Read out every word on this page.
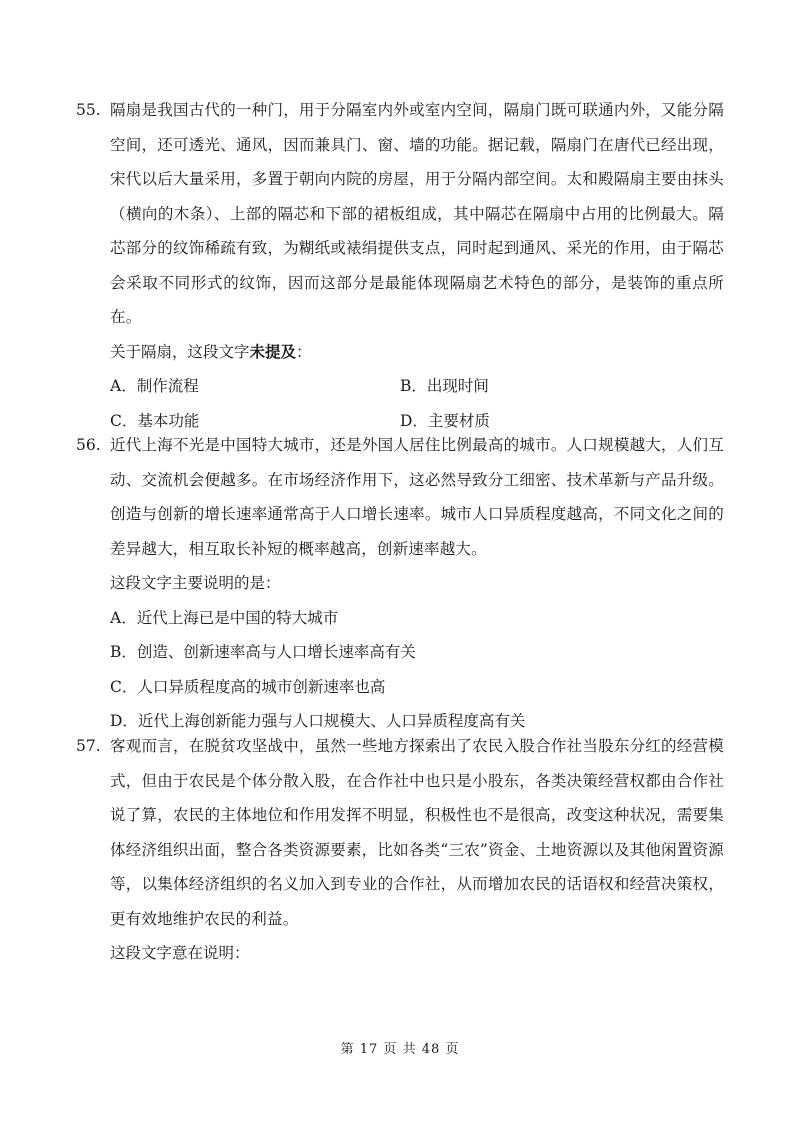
55. 隔扇是我国古代的一种门，用于分隔室内外或室内空间，隔扇门既可联通内外，又能分隔空间，还可透光、通风，因而兼具门、窗、墙的功能。据记载，隔扇门在唐代已经出现，宋代以后大量采用，多置于朝向内院的房屋，用于分隔内部空间。太和殿隔扇主要由抹头（横向的木条）、上部的隔芯和下部的裙板组成，其中隔芯在隔扇中占用的比例最大。隔芯部分的纹饰稀疏有致，为糊纸或裱绢提供支点，同时起到通风、采光的作用，由于隔芯会采取不同形式的纹饰，因而这部分是最能体现隔扇艺术特色的部分，是装饰的重点所在。

关于隔扇，这段文字未提及：
A．制作流程	B．出现时间
C．基本功能	D．主要材质
56. 近代上海不光是中国特大城市，还是外国人居住比例最高的城市。人口规模越大，人们互动、交流机会便越多。在市场经济作用下，这必然导致分工细密、技术革新与产品升级。创造与创新的增长速率通常高于人口增长速率。城市人口异质程度越高，不同文化之间的差异越大，相互取长补短的概率越高，创新速率越大。

这段文字主要说明的是：
A．近代上海已是中国的特大城市
B．创造、创新速率高与人口增长速率高有关
C．人口异质程度高的城市创新速率也高
D．近代上海创新能力强与人口规模大、人口异质程度高有关
57. 客观而言，在脱贫攻坚战中，虽然一些地方探索出了农民入股合作社当股东分红的经营模式，但由于农民是个体分散入股，在合作社中也只是小股东，各类决策经营权都由合作社说了算，农民的主体地位和作用发挥不明显，积极性也不是很高，改变这种状况，需要集体经济组织出面，整合各类资源要素，比如各类“三农”资金、土地资源以及其他闲置资源等，以集体经济组织的名义加入到专业的合作社，从而增加农民的话语权和经营决策权，更有效地维护农民的利益。

这段文字意在说明：
第 17 页 共 48 页
